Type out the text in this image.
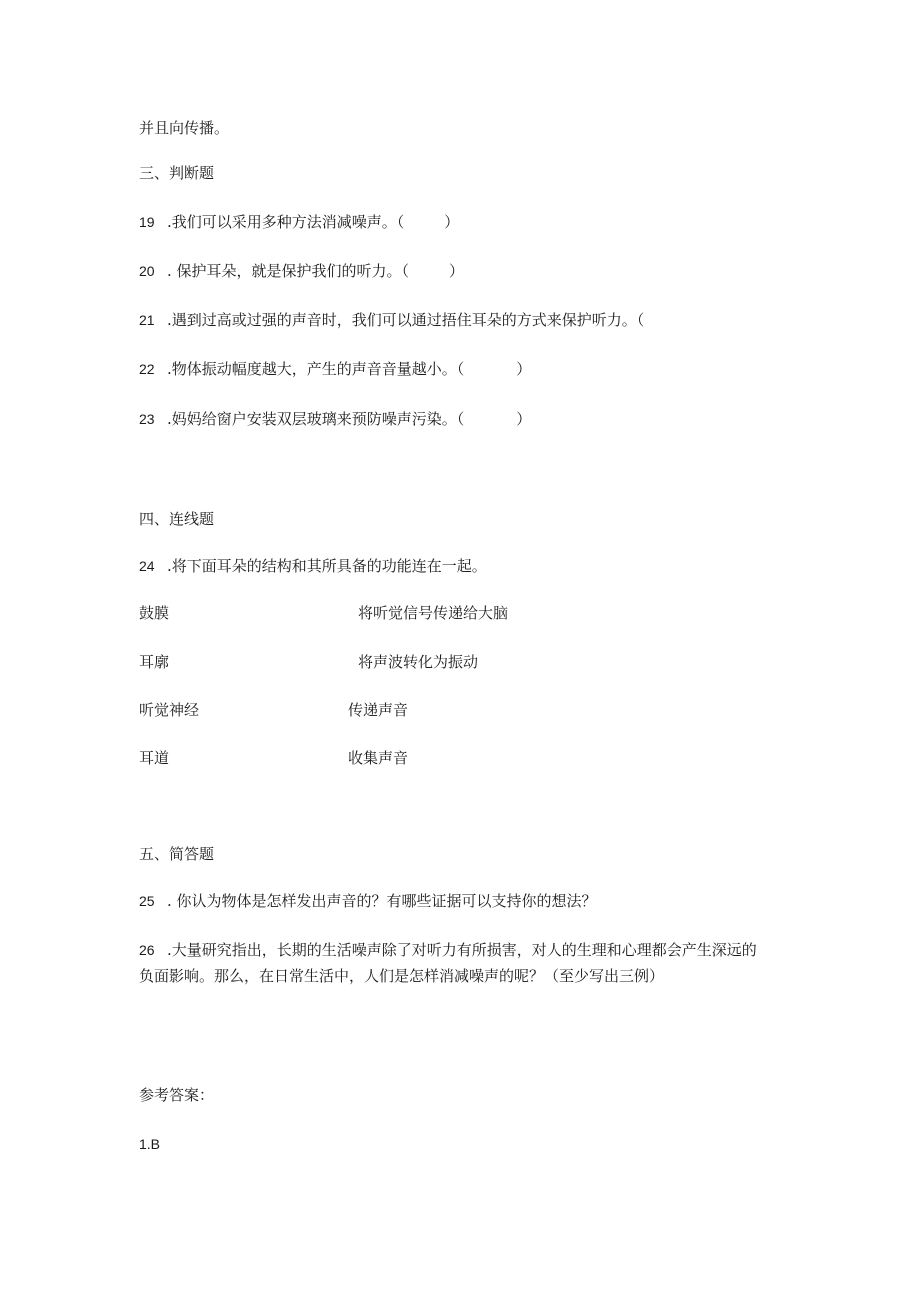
并且向传播。
三、判断题
19 .我们可以采用多种方法消减噪声。（	）
20 . 保护耳朵，就是保护我们的听力。（	）
21 .遇到过高或过强的声音时，我们可以通过捂住耳朵的方式来保护听力。（
22 .物体振动幅度越大，产生的声音音量越小。（	）
23 .妈妈给窗户安装双层玻璃来预防噪声污染。（	）
四、连线题
24 .将下面耳朵的结构和其所具备的功能连在一起。
鼓膜	将听觉信号传递给大脑
耳廓	将声波转化为振动
听觉神经	传递声音
耳道	收集声音
五、简答题
25 . 你认为物体是怎样发出声音的？有哪些证据可以支持你的想法？
26 .大量研究指出，长期的生活噪声除了对听力有所损害，对人的生理和心理都会产生深远的
负面影响。那么，在日常生活中，人们是怎样消减噪声的呢？（至少写出三例）
参考答案：
1.B
